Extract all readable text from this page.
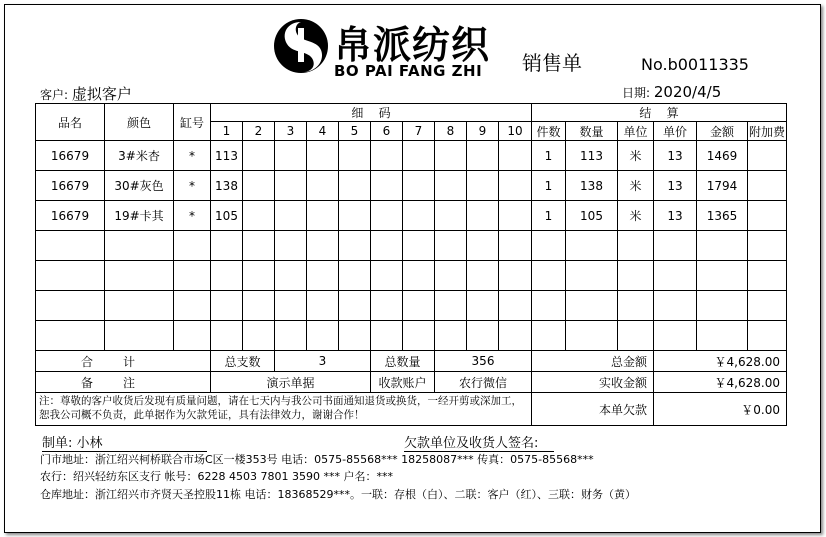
帛派纺织
BO PAI FANG ZHI 销售单	No.b0011335
客户: 虚拟客户	日期: 2020/4/5
品名	颜色	缸号	细    码										结    算					
			1	2	3	4	5	6	7	8	9	10	件数	数量	单位	单价	金额	附加费
16679	3#米杏	*	113										1	113	米	13	1469	
16679	30#灰色	*	138										1	138	米	13	1794	
16679	19#卡其	*	105										1	105	米	13	1365	

合计			总支数		3			总数量		356			总金额			￥4,628.00		
备注			演示单据					收款账户		农行微信			实收金额			￥4,628.00		
注：尊敬的客户收货后发现有质量问题，请在七天内与我公司书面通知退货或换货，一经开剪或深加工，恕我公司概不负责，此单据作为欠款凭证，具有法律效力，谢谢合作！													本单欠款			￥0.00		
制单: 小林	欠款单位及收货人签名:
门市地址：浙江绍兴柯桥联合市场C区一楼353号 电话：0575-85568*** 18258087*** 传真：0575-85568***
农行：绍兴轻纺东区支行 帐号：6228 4503 7801 3590 *** 户名：***
仓库地址：浙江绍兴市齐贤天圣控股11栋 电话：18368529***。一联：存根（白）、二联：客户（红）、三联：财务（黄）
